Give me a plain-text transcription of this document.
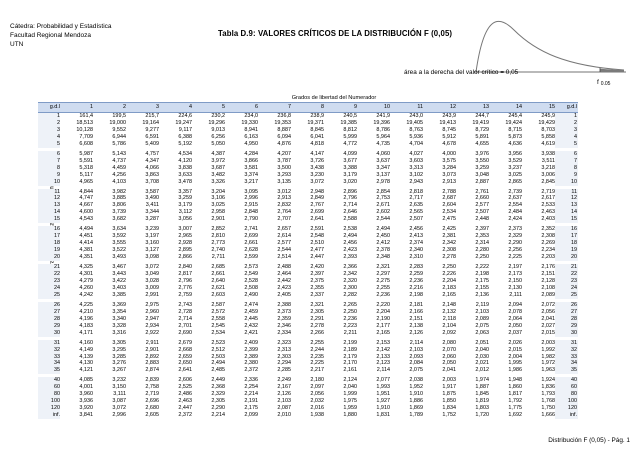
Cátedra: Probabilidad y Estadística
Facultad Regional Mendoza
UTN
Tabla D.9: VALORES CRÍTICOS DE LA DISTRIBUCIÓN F (0,05)
área a la derecha del valor crítico = 0,05
f $_{0.05}$
Grados de libertad del Numerador
g.d.l	1	2	3	4	5	6	7	8	9	10	11	12	13	14	15	g.d.l
1	161,4	199,5	215,7	224,6	230,2	234,0	236,8	238,9	240,5	241,9	243,0	243,9	244,7	245,4	245,9	1
2	18,513	19,000	19,164	19,247	19,296	19,330	19,353	19,371	19,385	19,396	19,405	19,413	19,419	19,424	19,429	2
3	10,128	9,552	9,277	9,117	9,013	8,941	8,887	8,845	8,812	8,786	8,763	8,745	8,729	8,715	8,703	3
4	7,709	6,944	6,591	6,388	6,256	6,163	6,094	6,041	5,999	5,964	5,936	5,912	5,891	5,873	5,858	4
5	6,608	5,786	5,409	5,192	5,050	4,950	4,876	4,818	4,772	4,735	4,704	4,678	4,655	4,636	4,619	5

6	5,987	5,143	4,757	4,534	4,387	4,284	4,207	4,147	4,099	4,060	4,027	4,000	3,976	3,956	3,938	6
7	5,591	4,737	4,347	4,120	3,972	3,866	3,787	3,726	3,677	3,637	3,603	3,575	3,550	3,529	3,511	7
8	5,318	4,459	4,066	3,838	3,687	3,581	3,500	3,438	3,388	3,347	3,313	3,284	3,259	3,237	3,218	8
9	5,117	4,256	3,863	3,633	3,482	3,374	3,293	3,230	3,179	3,137	3,102	3,073	3,048	3,025	3,006	9
10	4,965	4,103	3,708	3,478	3,326	3,217	3,135	3,072	3,020	2,978	2,943	2,913	2,887	2,865	2,845	10

11	4,844	3,982	3,587	3,357	3,204	3,095	3,012	2,948	2,896	2,854	2,818	2,788	2,761	2,739	2,719	11
12	4,747	3,885	3,490	3,259	3,106	2,996	2,913	2,849	2,796	2,753	2,717	2,687	2,660	2,637	2,617	12
13	4,667	3,806	3,411	3,179	3,025	2,915	2,832	2,767	2,714	2,671	2,635	2,604	2,577	2,554	2,533	13
14	4,600	3,739	3,344	3,112	2,958	2,848	2,764	2,699	2,646	2,602	2,565	2,534	2,507	2,484	2,463	14
15	4,543	3,682	3,287	3,056	2,901	2,790	2,707	2,641	2,588	2,544	2,507	2,475	2,448	2,424	2,403	15

16	4,494	3,634	3,239	3,007	2,852	2,741	2,657	2,591	2,538	2,494	2,456	2,425	2,397	2,373	2,352	16
17	4,451	3,592	3,197	2,965	2,810	2,699	2,614	2,548	2,494	2,450	2,413	2,381	2,353	2,329	2,308	17
18	4,414	3,555	3,160	2,928	2,773	2,661	2,577	2,510	2,456	2,412	2,374	2,342	2,314	2,290	2,269	18
19	4,381	3,522	3,127	2,895	2,740	2,628	2,544	2,477	2,423	2,378	2,340	2,308	2,280	2,256	2,234	19
20	4,351	3,493	3,098	2,866	2,711	2,599	2,514	2,447	2,393	2,348	2,310	2,278	2,250	2,225	2,203	20

21	4,325	3,467	3,072	2,840	2,685	2,573	2,488	2,420	2,366	2,321	2,283	2,250	2,222	2,197	2,176	21
22	4,301	3,443	3,049	2,817	2,661	2,549	2,464	2,397	2,342	2,297	2,259	2,226	2,198	2,173	2,151	22
23	4,279	3,422	3,028	2,796	2,640	2,528	2,442	2,375	2,320	2,275	2,236	2,204	2,175	2,150	2,128	23
24	4,260	3,403	3,009	2,776	2,621	2,508	2,423	2,355	2,300	2,255	2,216	2,183	2,155	2,130	2,108	24
25	4,242	3,385	2,991	2,759	2,603	2,490	2,405	2,337	2,282	2,236	2,198	2,165	2,136	2,111	2,089	25

26	4,225	3,369	2,975	2,743	2,587	2,474	2,388	2,321	2,265	2,220	2,181	2,148	2,119	2,094	2,072	26
27	4,210	3,354	2,960	2,728	2,572	2,459	2,373	2,305	2,250	2,204	2,166	2,132	2,103	2,078	2,056	27
28	4,196	3,340	2,947	2,714	2,558	2,445	2,359	2,291	2,236	2,190	2,151	2,118	2,089	2,064	2,041	28
29	4,183	3,328	2,934	2,701	2,545	2,432	2,346	2,278	2,223	2,177	2,138	2,104	2,075	2,050	2,027	29
30	4,171	3,316	2,922	2,690	2,534	2,421	2,334	2,266	2,211	2,165	2,126	2,092	2,063	2,037	2,015	30

31	4,160	3,305	2,911	2,679	2,523	2,409	2,323	2,255	2,199	2,153	2,114	2,080	2,051	2,026	2,003	31
32	4,149	3,295	2,901	2,668	2,512	2,399	2,313	2,244	2,189	2,142	2,103	2,070	2,040	2,015	1,992	32
33	4,139	3,285	2,892	2,659	2,503	2,389	2,303	2,235	2,179	2,133	2,093	2,060	2,030	2,004	1,982	33
34	4,130	3,276	2,883	2,650	2,494	2,380	2,294	2,225	2,170	2,123	2,084	2,050	2,021	1,995	1,972	34
35	4,121	3,267	2,874	2,641	2,485	2,372	2,285	2,217	2,161	2,114	2,075	2,041	2,012	1,986	1,963	35

40	4,085	3,232	2,839	2,606	2,449	2,336	2,249	2,180	2,124	2,077	2,038	2,003	1,974	1,948	1,924	40
60	4,001	3,150	2,758	2,525	2,368	2,254	2,167	2,097	2,040	1,993	1,952	1,917	1,887	1,860	1,836	60
80	3,960	3,111	2,719	2,486	2,329	2,214	2,126	2,056	1,999	1,951	1,910	1,875	1,845	1,817	1,793	80
100	3,936	3,087	2,696	2,463	2,305	2,191	2,103	2,032	1,975	1,927	1,886	1,850	1,819	1,792	1,768	100
120	3,920	3,072	2,680	2,447	2,290	2,175	2,087	2,016	1,959	1,910	1,869	1,834	1,803	1,775	1,750	120
inf.	3,841	2,996	2,605	2,372	2,214	2,099	2,010	1,938	1,880	1,831	1,789	1,752	1,720	1,692	1,666	inf.
Distribución F (0,05) - Pág. 1
